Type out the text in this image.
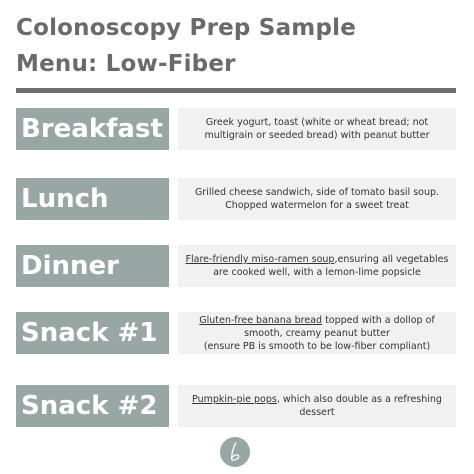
Colonoscopy Prep Sample
Menu: Low-Fiber
Breakfast	Greek yogurt, toast (white or wheat bread; not multigrain or seeded bread) with peanut butter

Lunch	Grilled cheese sandwich, side of tomato basil soup. Chopped watermelon for a sweet treat

Dinner	Flare-friendly miso-ramen soup,ensuring all vegetables are cooked well, with a lemon-lime popsicle

Snack #1	Gluten-free banana bread topped with a dollop of smooth, creamy peanut butter

(ensure PB is smooth to be low-fiber compliant)

Snack #2	Pumpkin-pie pops, which also double as a refreshing dessert
